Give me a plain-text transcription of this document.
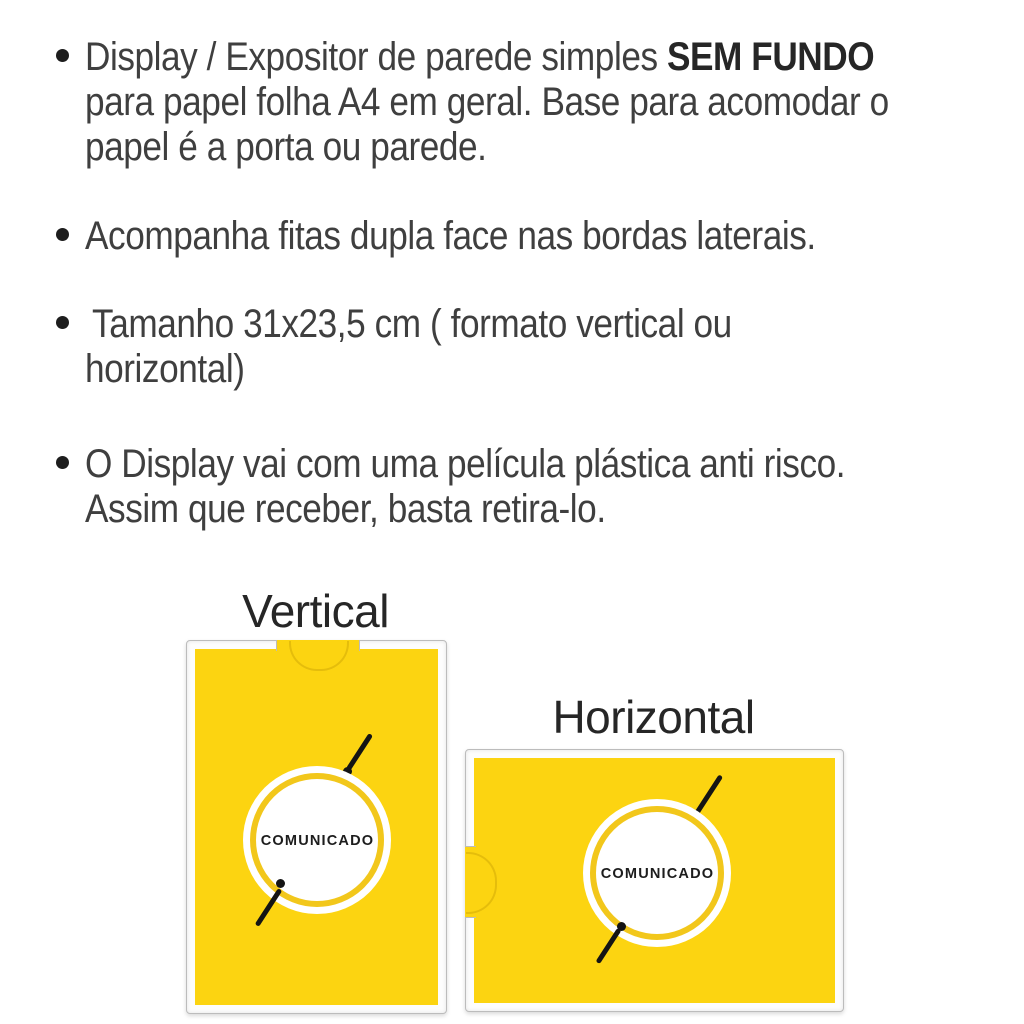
Display / Expositor de parede simples SEM FUNDO
para papel folha A4 em geral. Base para acomodar o
papel é a porta ou parede.
Acompanha fitas dupla face nas bordas laterais.
Tamanho 31x23,5 cm ( formato vertical ou
horizontal)
O Display vai com uma película plástica anti risco.
Assim que receber, basta retira-lo.
Vertical
COMUNICADO
Horizontal
COMUNICADO
